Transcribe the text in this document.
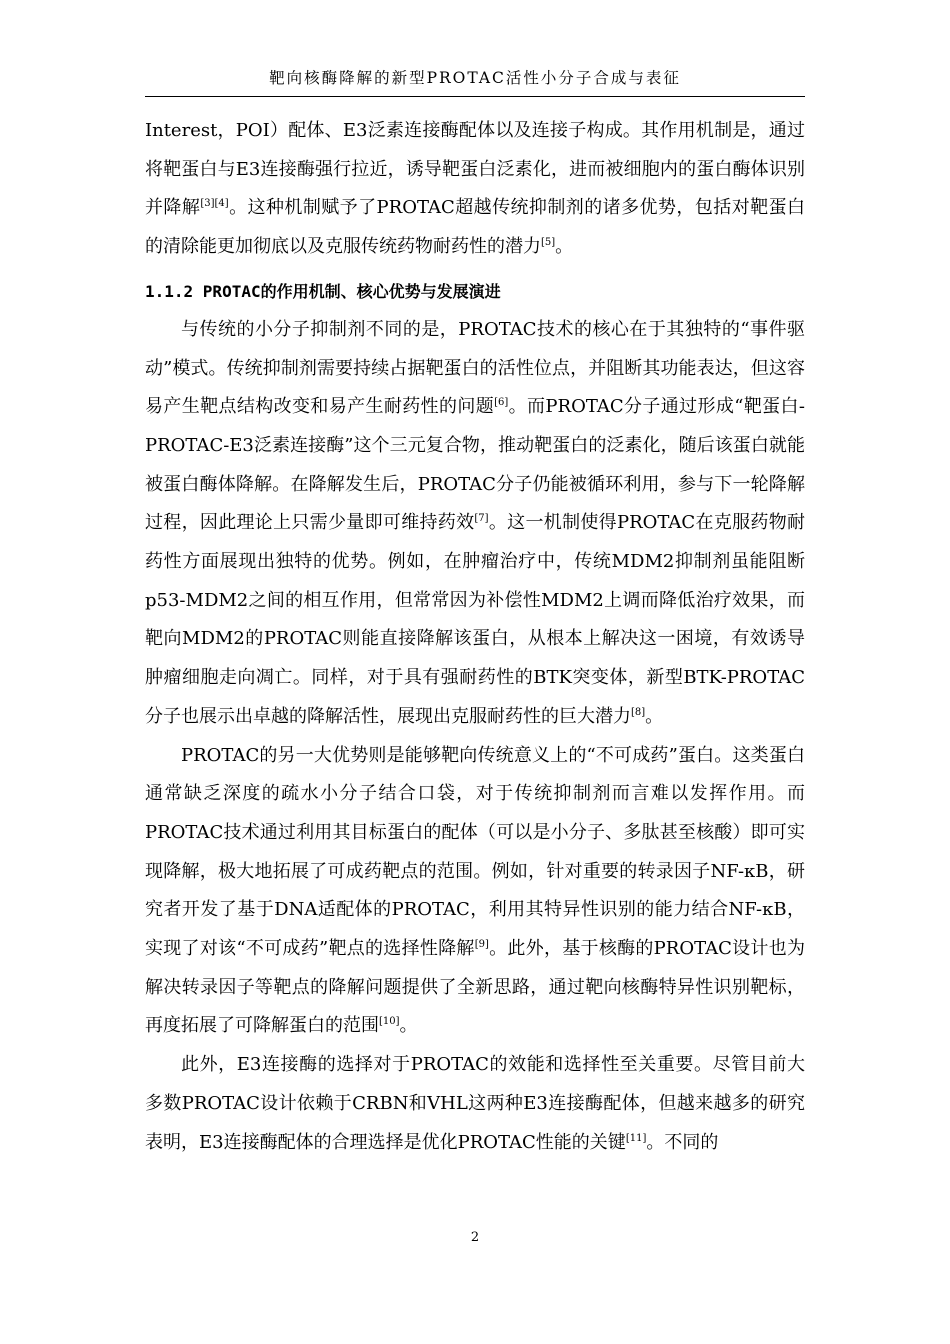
靶向核酶降解的新型PROTAC活性小分子合成与表征

Interest，POI）配体、E3泛素连接酶配体以及连接子构成。其作用机制是，通过将靶蛋白与E3连接酶强行拉近，诱导靶蛋白泛素化，进而被细胞内的蛋白酶体识别并降解[3][4]。这种机制赋予了PROTAC超越传统抑制剂的诸多优势，包括对靶蛋白的清除能更加彻底以及克服传统药物耐药性的潜力[5]。

1.1.2 PROTAC的作用机制、核心优势与发展演进

与传统的小分子抑制剂不同的是，PROTAC技术的核心在于其独特的“事件驱动”模式。传统抑制剂需要持续占据靶蛋白的活性位点，并阻断其功能表达，但这容易产生靶点结构改变和易产生耐药性的问题[6]。而PROTAC分子通过形成“靶蛋白-PROTAC-E3泛素连接酶”这个三元复合物，推动靶蛋白的泛素化，随后该蛋白就能被蛋白酶体降解。在降解发生后，PROTAC分子仍能被循环利用，参与下一轮降解过程，因此理论上只需少量即可维持药效[7]。这一机制使得PROTAC在克服药物耐药性方面展现出独特的优势。例如，在肿瘤治疗中，传统MDM2抑制剂虽能阻断p53-MDM2之间的相互作用，但常常因为补偿性MDM2上调而降低治疗效果，而靶向MDM2的PROTAC则能直接降解该蛋白，从根本上解决这一困境，有效诱导肿瘤细胞走向凋亡。同样，对于具有强耐药性的BTK突变体，新型BTK-PROTAC分子也展示出卓越的降解活性，展现出克服耐药性的巨大潜力[8]。

PROTAC的另一大优势则是能够靶向传统意义上的“不可成药”蛋白。这类蛋白通常缺乏深度的疏水小分子结合口袋，对于传统抑制剂而言难以发挥作用。而PROTAC技术通过利用其目标蛋白的配体（可以是小分子、多肽甚至核酸）即可实现降解，极大地拓展了可成药靶点的范围。例如，针对重要的转录因子NF-κB，研究者开发了基于DNA适配体的PROTAC，利用其特异性识别的能力结合NF-κB，实现了对该“不可成药”靶点的选择性降解[9]。此外，基于核酶的PROTAC设计也为解决转录因子等靶点的降解问题提供了全新思路，通过靶向核酶特异性识别靶标，再度拓展了可降解蛋白的范围[10]。

此外，E3连接酶的选择对于PROTAC的效能和选择性至关重要。尽管目前大多数PROTAC设计依赖于CRBN和VHL这两种E3连接酶配体，但越来越多的研究表明，E3连接酶配体的合理选择是优化PROTAC性能的关键[11]。不同的

2
